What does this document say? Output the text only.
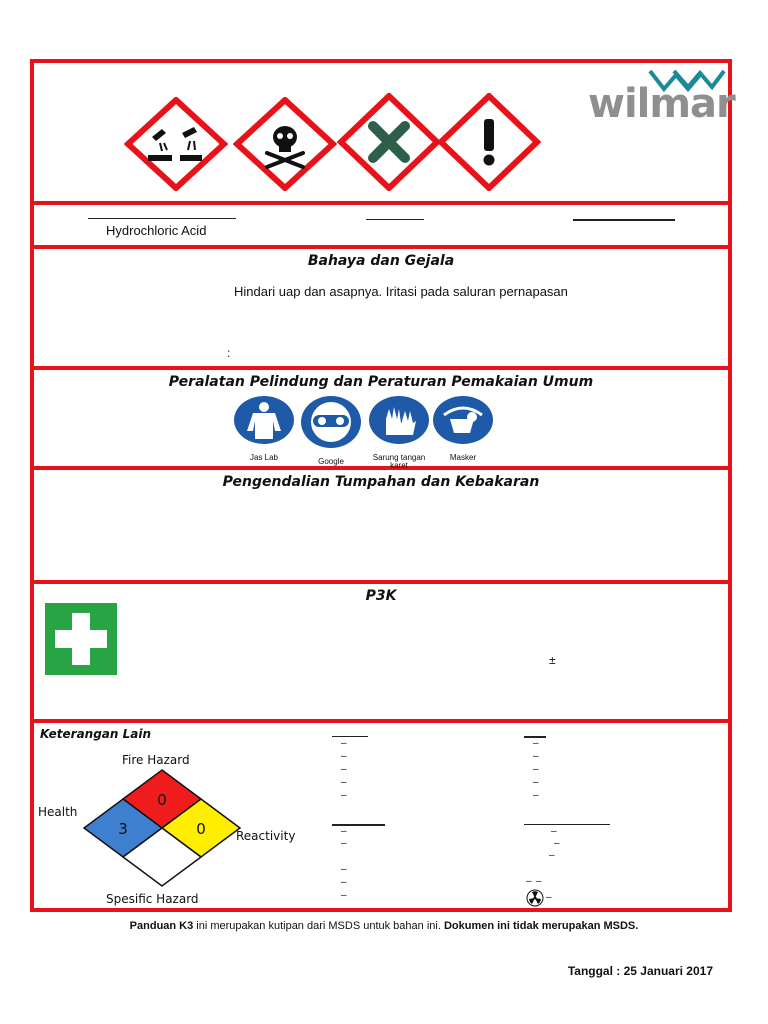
wilmar
Hydrochloric Acid
Bahaya dan Gejala
Hindari uap dan asapnya. Iritasi pada saluran pernapasan
:
Peralatan Pelindung dan Peraturan Pemakaian Umum
Jas Lab	Google	Sarung tangan karet
Masker
Pengendalian Tumpahan dan Kebakaran
P3K
±
Keterangan Lain
Fire Hazard
Health
Reactivity
Spesific Hazard
0
3	0
–
–
–
–
–
–
–
–
–
–
–
–
–
–
–
–
–
–
– –
–
Panduan K3 ini merupakan kutipan dari MSDS untuk bahan ini. Dokumen ini tidak merupakan MSDS.
Tanggal : 25 Januari 2017
